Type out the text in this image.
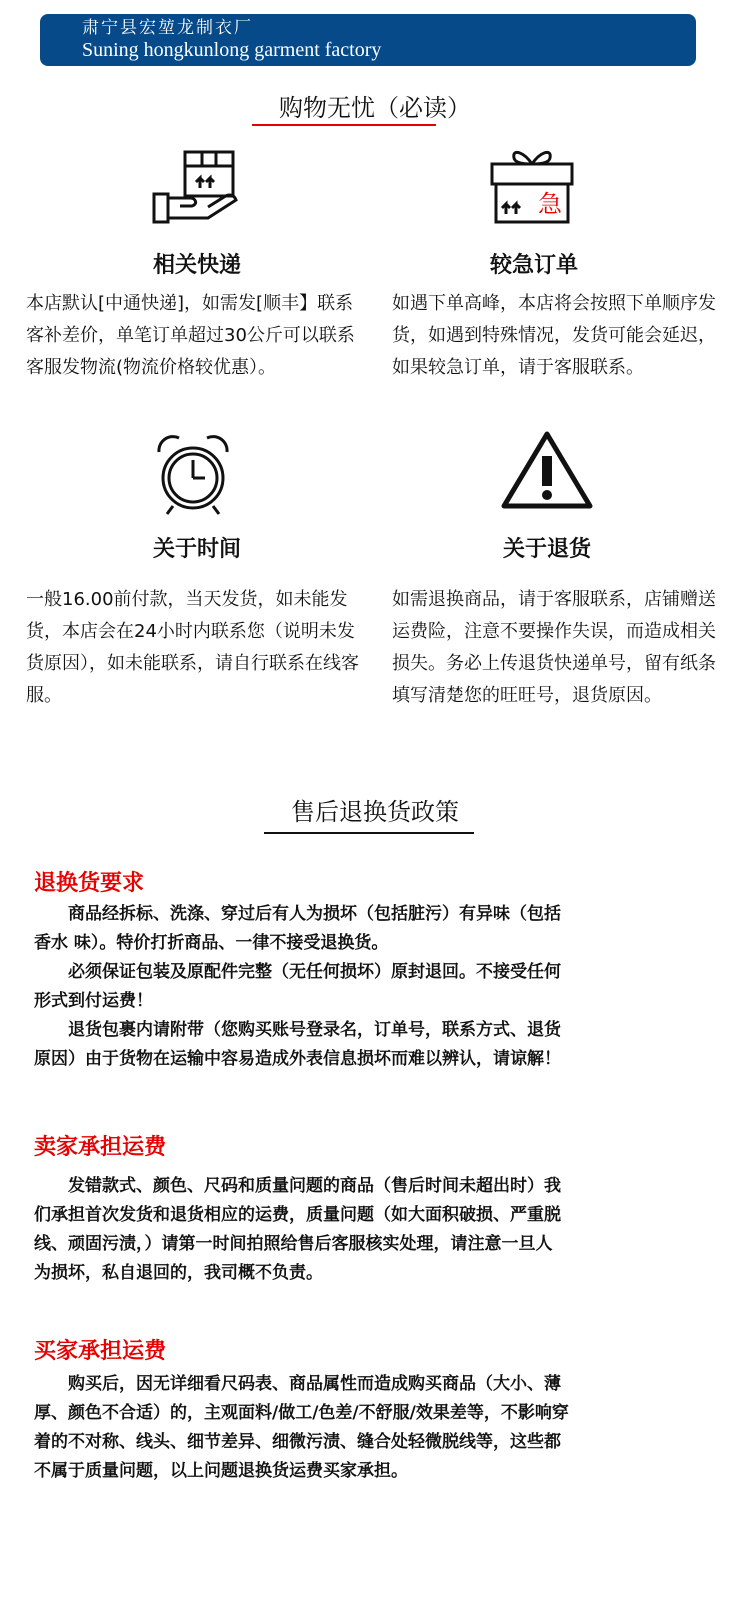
肃宁县宏堃龙制衣厂
Suning hongkunlong garment factory
购物无忧（必读）
急
相关快递	较急订单
本店默认[中通快递]，如需发[顺丰】联系客补差价，单笔订单超过30公斤可以联系客服发物流(物流价格较优惠）。
如遇下单高峰，本店将会按照下单顺序发货，如遇到特殊情况，发货可能会延迟，如果较急订单，请于客服联系。
关于时间	关于退货
一般16.00前付款，当天发货，如未能发货，本店会在24小时内联系您（说明未发货原因），如未能联系，请自行联系在线客服。
如需退换商品，请于客服联系，店铺赠送运费险，注意不要操作失误，而造成相关损失。务必上传退货快递单号，留有纸条填写清楚您的旺旺号，退货原因。
售后退换货政策
退换货要求
　　商品经拆标、洗涤、穿过后有人为损坏（包括脏污）有异味（包括
香水 味）。特价打折商品、一律不接受退换货。
　　必须保证包装及原配件完整（无任何损坏）原封退回。不接受任何
形式到付运费！
　　退货包裹内请附带（您购买账号登录名，订单号，联系方式、退货
原因）由于货物在运输中容易造成外表信息损坏而难以辨认，请谅解！
卖家承担运费
　　发错款式、颜色、尺码和质量问题的商品（售后时间未超出时）我
们承担首次发货和退货相应的运费，质量问题（如大面积破损、严重脱
线、顽固污渍，）请第一时间拍照给售后客服核实处理，请注意一旦人
为损坏，私自退回的，我司概不负责。
买家承担运费
　　购买后，因无详细看尺码表、商品属性而造成购买商品（大小、薄
厚、颜色不合适）的，主观面料/做工/色差/不舒服/效果差等，不影响穿
着的不对称、线头、细节差异、细微污渍、缝合处轻微脱线等，这些都
不属于质量问题，以上问题退换货运费买家承担。
